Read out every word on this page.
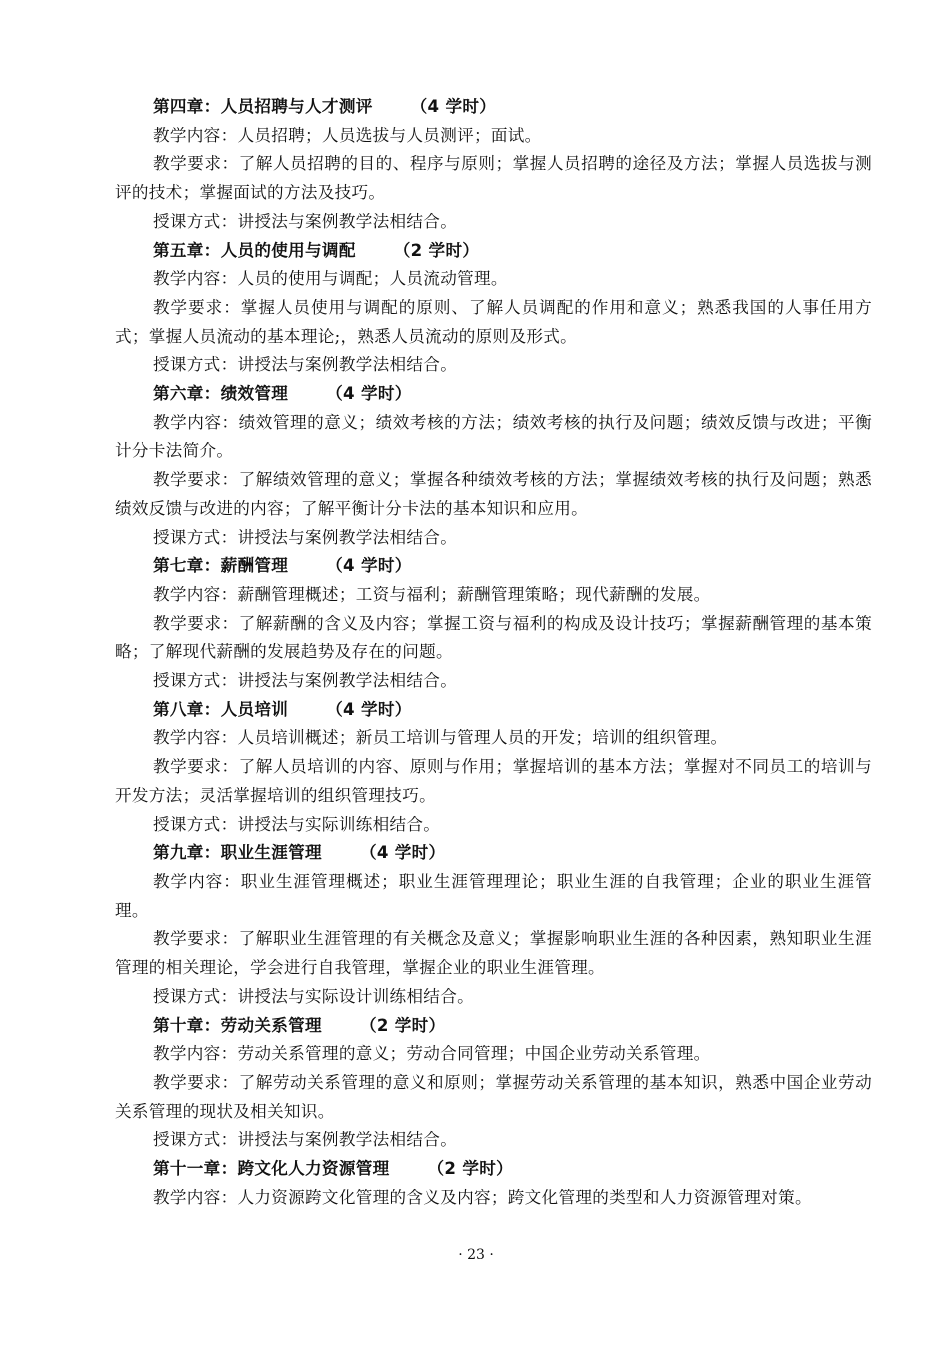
第四章：人员招聘与人才测评 （4 学时）

教学内容：人员招聘；人员选拔与人员测评；面试。

教学要求：了解人员招聘的目的、程序与原则；掌握人员招聘的途径及方法；掌握人员选拔与测评的技术；掌握面试的方法及技巧。

授课方式：讲授法与案例教学法相结合。

第五章：人员的使用与调配 （2 学时）

教学内容：人员的使用与调配；人员流动管理。

教学要求：掌握人员使用与调配的原则、了解人员调配的作用和意义；熟悉我国的人事任用方式；掌握人员流动的基本理论;，熟悉人员流动的原则及形式。

授课方式：讲授法与案例教学法相结合。

第六章：绩效管理 （4 学时）

教学内容：绩效管理的意义；绩效考核的方法；绩效考核的执行及问题；绩效反馈与改进；平衡计分卡法简介。

教学要求：了解绩效管理的意义；掌握各种绩效考核的方法；掌握绩效考核的执行及问题；熟悉绩效反馈与改进的内容；了解平衡计分卡法的基本知识和应用。

授课方式：讲授法与案例教学法相结合。

第七章：薪酬管理 （4 学时）

教学内容：薪酬管理概述；工资与福利；薪酬管理策略；现代薪酬的发展。

教学要求：了解薪酬的含义及内容；掌握工资与福利的构成及设计技巧；掌握薪酬管理的基本策略；了解现代薪酬的发展趋势及存在的问题。

授课方式：讲授法与案例教学法相结合。

第八章：人员培训 （4 学时）

教学内容：人员培训概述；新员工培训与管理人员的开发；培训的组织管理。

教学要求：了解人员培训的内容、原则与作用；掌握培训的基本方法；掌握对不同员工的培训与开发方法；灵活掌握培训的组织管理技巧。

授课方式：讲授法与实际训练相结合。

第九章：职业生涯管理 （4 学时）

教学内容：职业生涯管理概述；职业生涯管理理论；职业生涯的自我管理；企业的职业生涯管理。

教学要求：了解职业生涯管理的有关概念及意义；掌握影响职业生涯的各种因素，熟知职业生涯管理的相关理论，学会进行自我管理，掌握企业的职业生涯管理。

授课方式：讲授法与实际设计训练相结合。

第十章：劳动关系管理 （2 学时）

教学内容：劳动关系管理的意义；劳动合同管理；中国企业劳动关系管理。

教学要求：了解劳动关系管理的意义和原则；掌握劳动关系管理的基本知识，熟悉中国企业劳动关系管理的现状及相关知识。

授课方式：讲授法与案例教学法相结合。

第十一章：跨文化人力资源管理 （2 学时）

教学内容：人力资源跨文化管理的含义及内容；跨文化管理的类型和人力资源管理对策。

· 23 ·
